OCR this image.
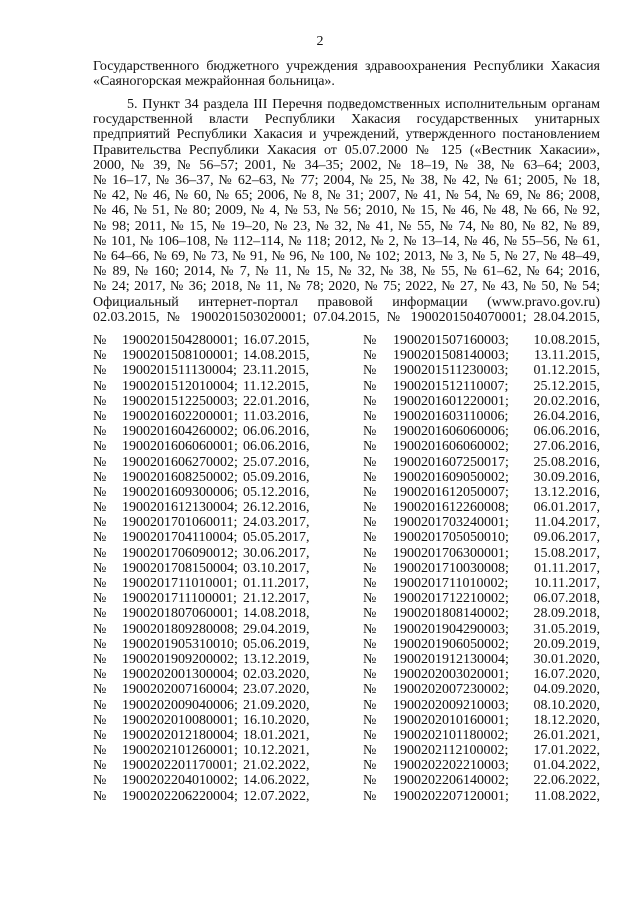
2
Государственного бюджетного учреждения здравоохранения Республики Хакасия
«Саяногорская межрайонная больница».
5. Пункт 34 раздела III Перечня подведомственных исполнительным органам
государственной власти Республики Хакасия государственных унитарных
предприятий Республики Хакасия и учреждений, утвержденного постановлением
Правительства Республики Хакасия от 05.07.2000 № 125 («Вестник Хакасии»,
2000, № 39, № 56–57; 2001, № 34–35; 2002, № 18–19, № 38, № 63–64; 2003,
№ 16–17, № 36–37, № 62–63, № 77; 2004, № 25, № 38, № 42, № 61; 2005, № 18,
№ 42, № 46, № 60, № 65; 2006, № 8, № 31; 2007, № 41, № 54, № 69, № 86; 2008,
№ 46, № 51, № 80; 2009, № 4, № 53, № 56; 2010, № 15, № 46, № 48, № 66, № 92,
№ 98; 2011, № 15, № 19–20, № 23, № 32, № 41, № 55, № 74, № 80, № 82, № 89,
№ 101, № 106–108, № 112–114, № 118; 2012, № 2, № 13–14, № 46, № 55–56, № 61,
№ 64–66, № 69, № 73, № 91, № 96, № 100, № 102; 2013, № 3, № 5, № 27, № 48–49,
№ 89, № 160; 2014, № 7, № 11, № 15, № 32, № 38, № 55, № 61–62, № 64; 2016,
№ 24; 2017, № 36; 2018, № 11, № 78; 2020, № 75; 2022, № 27, № 43, № 50, № 54;
Официальный интернет-портал правовой информации (www.pravo.gov.ru)
02.03.2015, № 1900201503020001; 07.04.2015, № 1900201504070001; 28.04.2015,
№ 1900201504280001; 16.07.2015,	№ 1900201507160003; 10.08.2015,
№ 1900201508100001; 14.08.2015,	№ 1900201508140003; 13.11.2015,
№ 1900201511130004; 23.11.2015,	№ 1900201511230003; 01.12.2015,
№ 1900201512010004; 11.12.2015,	№ 1900201512110007; 25.12.2015,
№ 1900201512250003; 22.01.2016,	№ 1900201601220001; 20.02.2016,
№ 1900201602200001; 11.03.2016,	№ 1900201603110006; 26.04.2016,
№ 1900201604260002; 06.06.2016,	№ 1900201606060006; 06.06.2016,
№ 1900201606060001; 06.06.2016,	№ 1900201606060002; 27.06.2016,
№ 1900201606270002; 25.07.2016,	№ 1900201607250017; 25.08.2016,
№ 1900201608250002; 05.09.2016,	№ 1900201609050002; 30.09.2016,
№ 1900201609300006; 05.12.2016,	№ 1900201612050007; 13.12.2016,
№ 1900201612130004; 26.12.2016,	№ 1900201612260008; 06.01.2017,
№ 1900201701060011; 24.03.2017,	№ 1900201703240001; 11.04.2017,
№ 1900201704110004; 05.05.2017,	№ 1900201705050010; 09.06.2017,
№ 1900201706090012; 30.06.2017,	№ 1900201706300001; 15.08.2017,
№ 1900201708150004; 03.10.2017,	№ 1900201710030008; 01.11.2017,
№ 1900201711010001; 01.11.2017,	№ 1900201711010002; 10.11.2017,
№ 1900201711100001; 21.12.2017,	№ 1900201712210002; 06.07.2018,
№ 1900201807060001; 14.08.2018,	№ 1900201808140002; 28.09.2018,
№ 1900201809280008; 29.04.2019,	№ 1900201904290003; 31.05.2019,
№ 1900201905310010; 05.06.2019,	№ 1900201906050002; 20.09.2019,
№ 1900201909200002; 13.12.2019,	№ 1900201912130004; 30.01.2020,
№ 1900202001300004; 02.03.2020,	№ 1900202003020001; 16.07.2020,
№ 1900202007160004; 23.07.2020,	№ 1900202007230002; 04.09.2020,
№ 1900202009040006; 21.09.2020,	№ 1900202009210003; 08.10.2020,
№ 1900202010080001; 16.10.2020,	№ 1900202010160001; 18.12.2020,
№ 1900202012180004; 18.01.2021,	№ 1900202101180002; 26.01.2021,
№ 1900202101260001; 10.12.2021,	№ 1900202112100002; 17.01.2022,
№ 1900202201170001; 21.02.2022,	№ 1900202202210003; 01.04.2022,
№ 1900202204010002; 14.06.2022,	№ 1900202206140002; 22.06.2022,
№ 1900202206220004; 12.07.2022,	№ 1900202207120001; 11.08.2022,
